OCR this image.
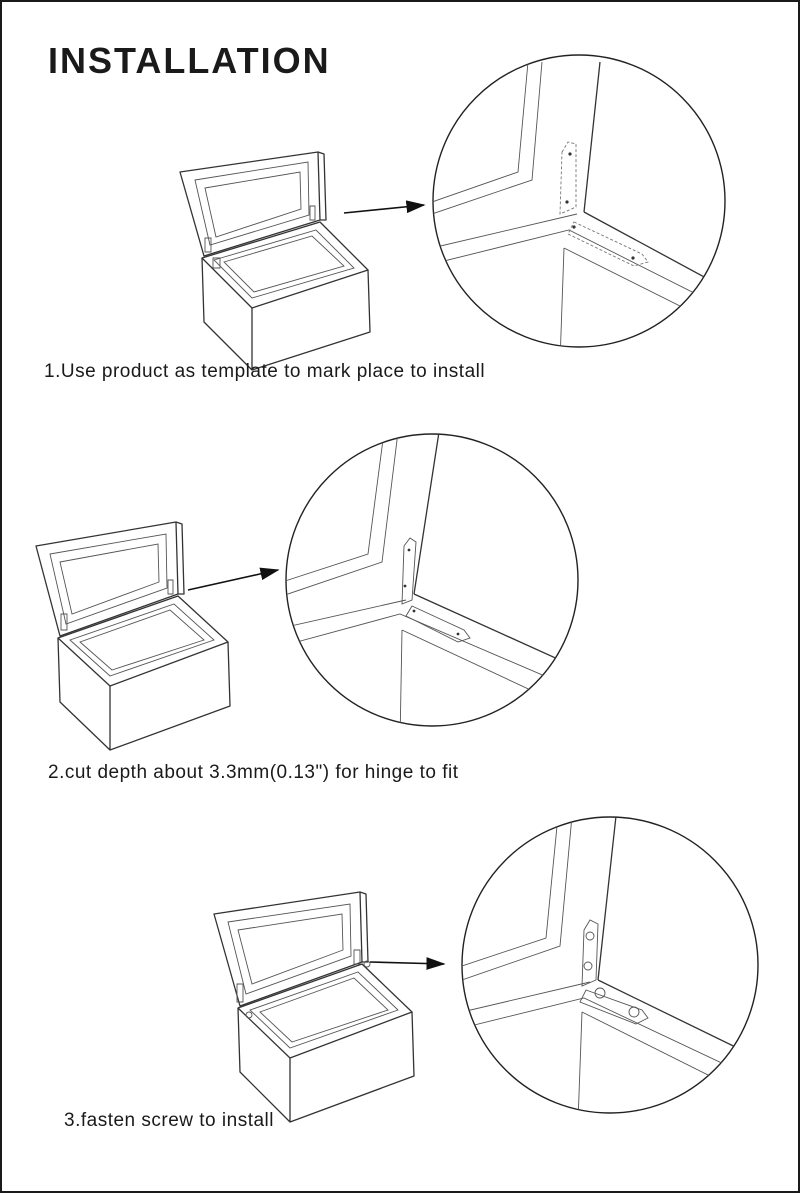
INSTALLATION
1.Use product as template to mark place to install
2.cut depth about 3.3mm(0.13") for hinge to fit
3.fasten screw to install
